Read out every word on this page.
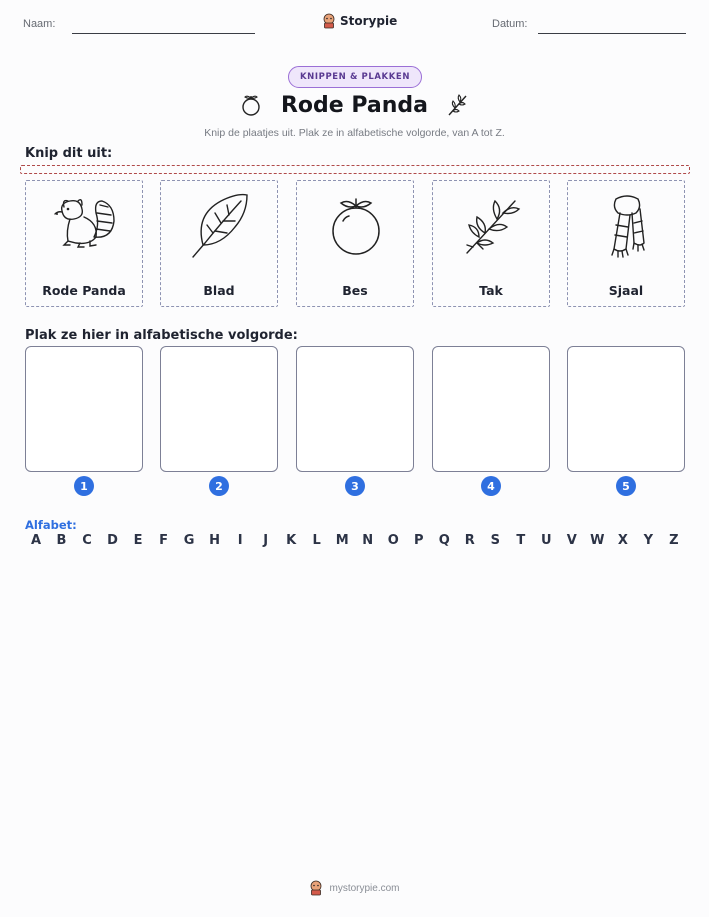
Naam:	Storypie	Datum:
KNIPPEN & PLAKKEN
Rode Panda
Knip de plaatjes uit. Plak ze in alfabetische volgorde, van A tot Z.
Knip dit uit:
Rode Panda	Blad	Bes	Tak	Sjaal
Plak ze hier in alfabetische volgorde:
1	2	3	4	5
Alfabet:
A	B	C	D	E	F	G H	I	J	K	L	M N O	P	Q	R	S	T	U	V	W	X	Y	Z
mystorypie.com
